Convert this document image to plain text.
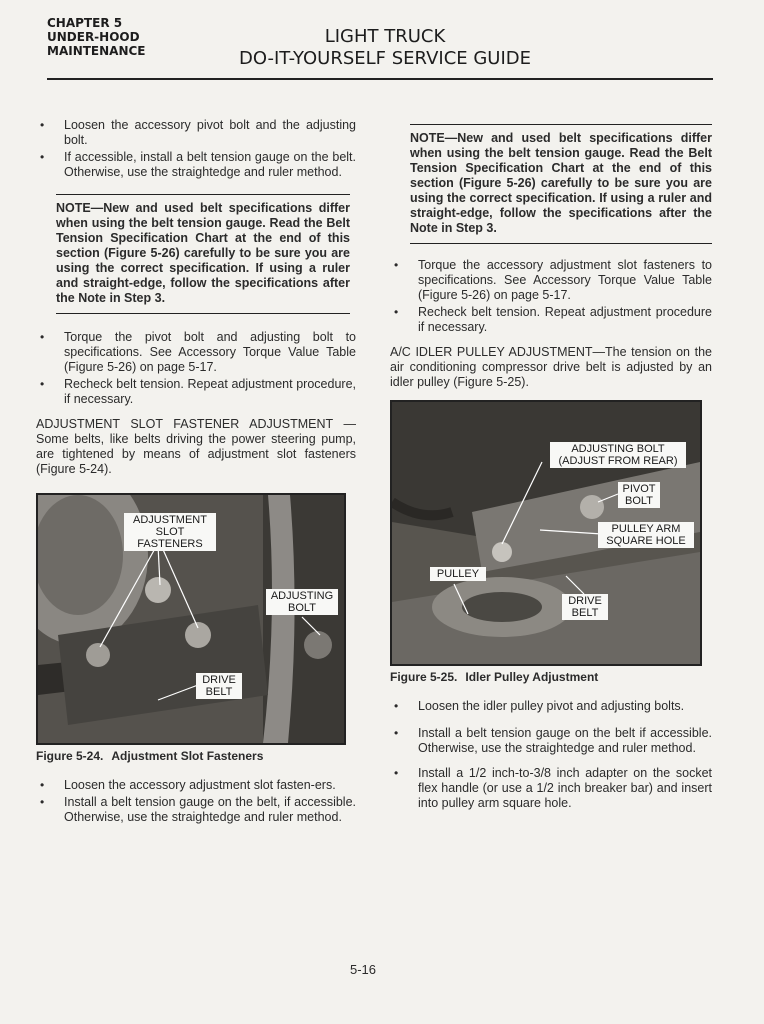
CHAPTER 5
UNDER-HOOD
MAINTENANCE
LIGHT TRUCK
DO-IT-YOURSELF SERVICE GUIDE
• Loosen the accessory pivot bolt and the adjusting bolt.
• If accessible, install a belt tension gauge on the belt. Otherwise, use the straightedge and ruler method.
NOTE—New and used belt specifications differ when using the belt tension gauge. Read the Belt Tension Specification Chart at the end of this section (Figure 5-26) carefully to be sure you are using the correct specification. If using a ruler and straight-edge, follow the specifications after the Note in Step 3.
• Torque the pivot bolt and adjusting bolt to specifications. See Accessory Torque Value Table (Figure 5-26) on page 5-17.
• Recheck belt tension. Repeat adjustment procedure, if necessary.

ADJUSTMENT SLOT FASTENER ADJUSTMENT —Some belts, like belts driving the power steering pump, are tightened by means of adjustment slot fasteners (Figure 5-24).

ADJUSTMENT SLOT FASTENERS
ADJUSTING BOLT
DRIVE BELT
Figure 5-24. Adjustment Slot Fasteners
• Loosen the accessory adjustment slot fasten-ers.
• Install a belt tension gauge on the belt, if accessible. Otherwise, use the straightedge and ruler method.
NOTE—New and used belt specifications differ when using the belt tension gauge. Read the Belt Tension Specification Chart at the end of this section (Figure 5-26) carefully to be sure you are using the correct specification. If using a ruler and straight-edge, follow the specifications after the Note in Step 3.
• Torque the accessory adjustment slot fasteners to specifications. See Accessory Torque Value Table (Figure 5-26) on page 5-17.
• Recheck belt tension. Repeat adjustment procedure if necessary.

A/C IDLER PULLEY ADJUSTMENT—The tension on the air conditioning compressor drive belt is adjusted by an idler pulley (Figure 5-25).

ADJUSTING BOLT (ADJUST FROM REAR)
PIVOT BOLT
PULLEY ARM SQUARE HOLE
PULLEY
DRIVE BELT
Figure 5-25. Idler Pulley Adjustment
• Loosen the idler pulley pivot and adjusting bolts.
• Install a belt tension gauge on the belt if accessible. Otherwise, use the straightedge and ruler method.
• Install a 1/2 inch-to-3/8 inch adapter on the socket flex handle (or use a 1/2 inch breaker bar) and insert into pulley arm square hole.
5-16
